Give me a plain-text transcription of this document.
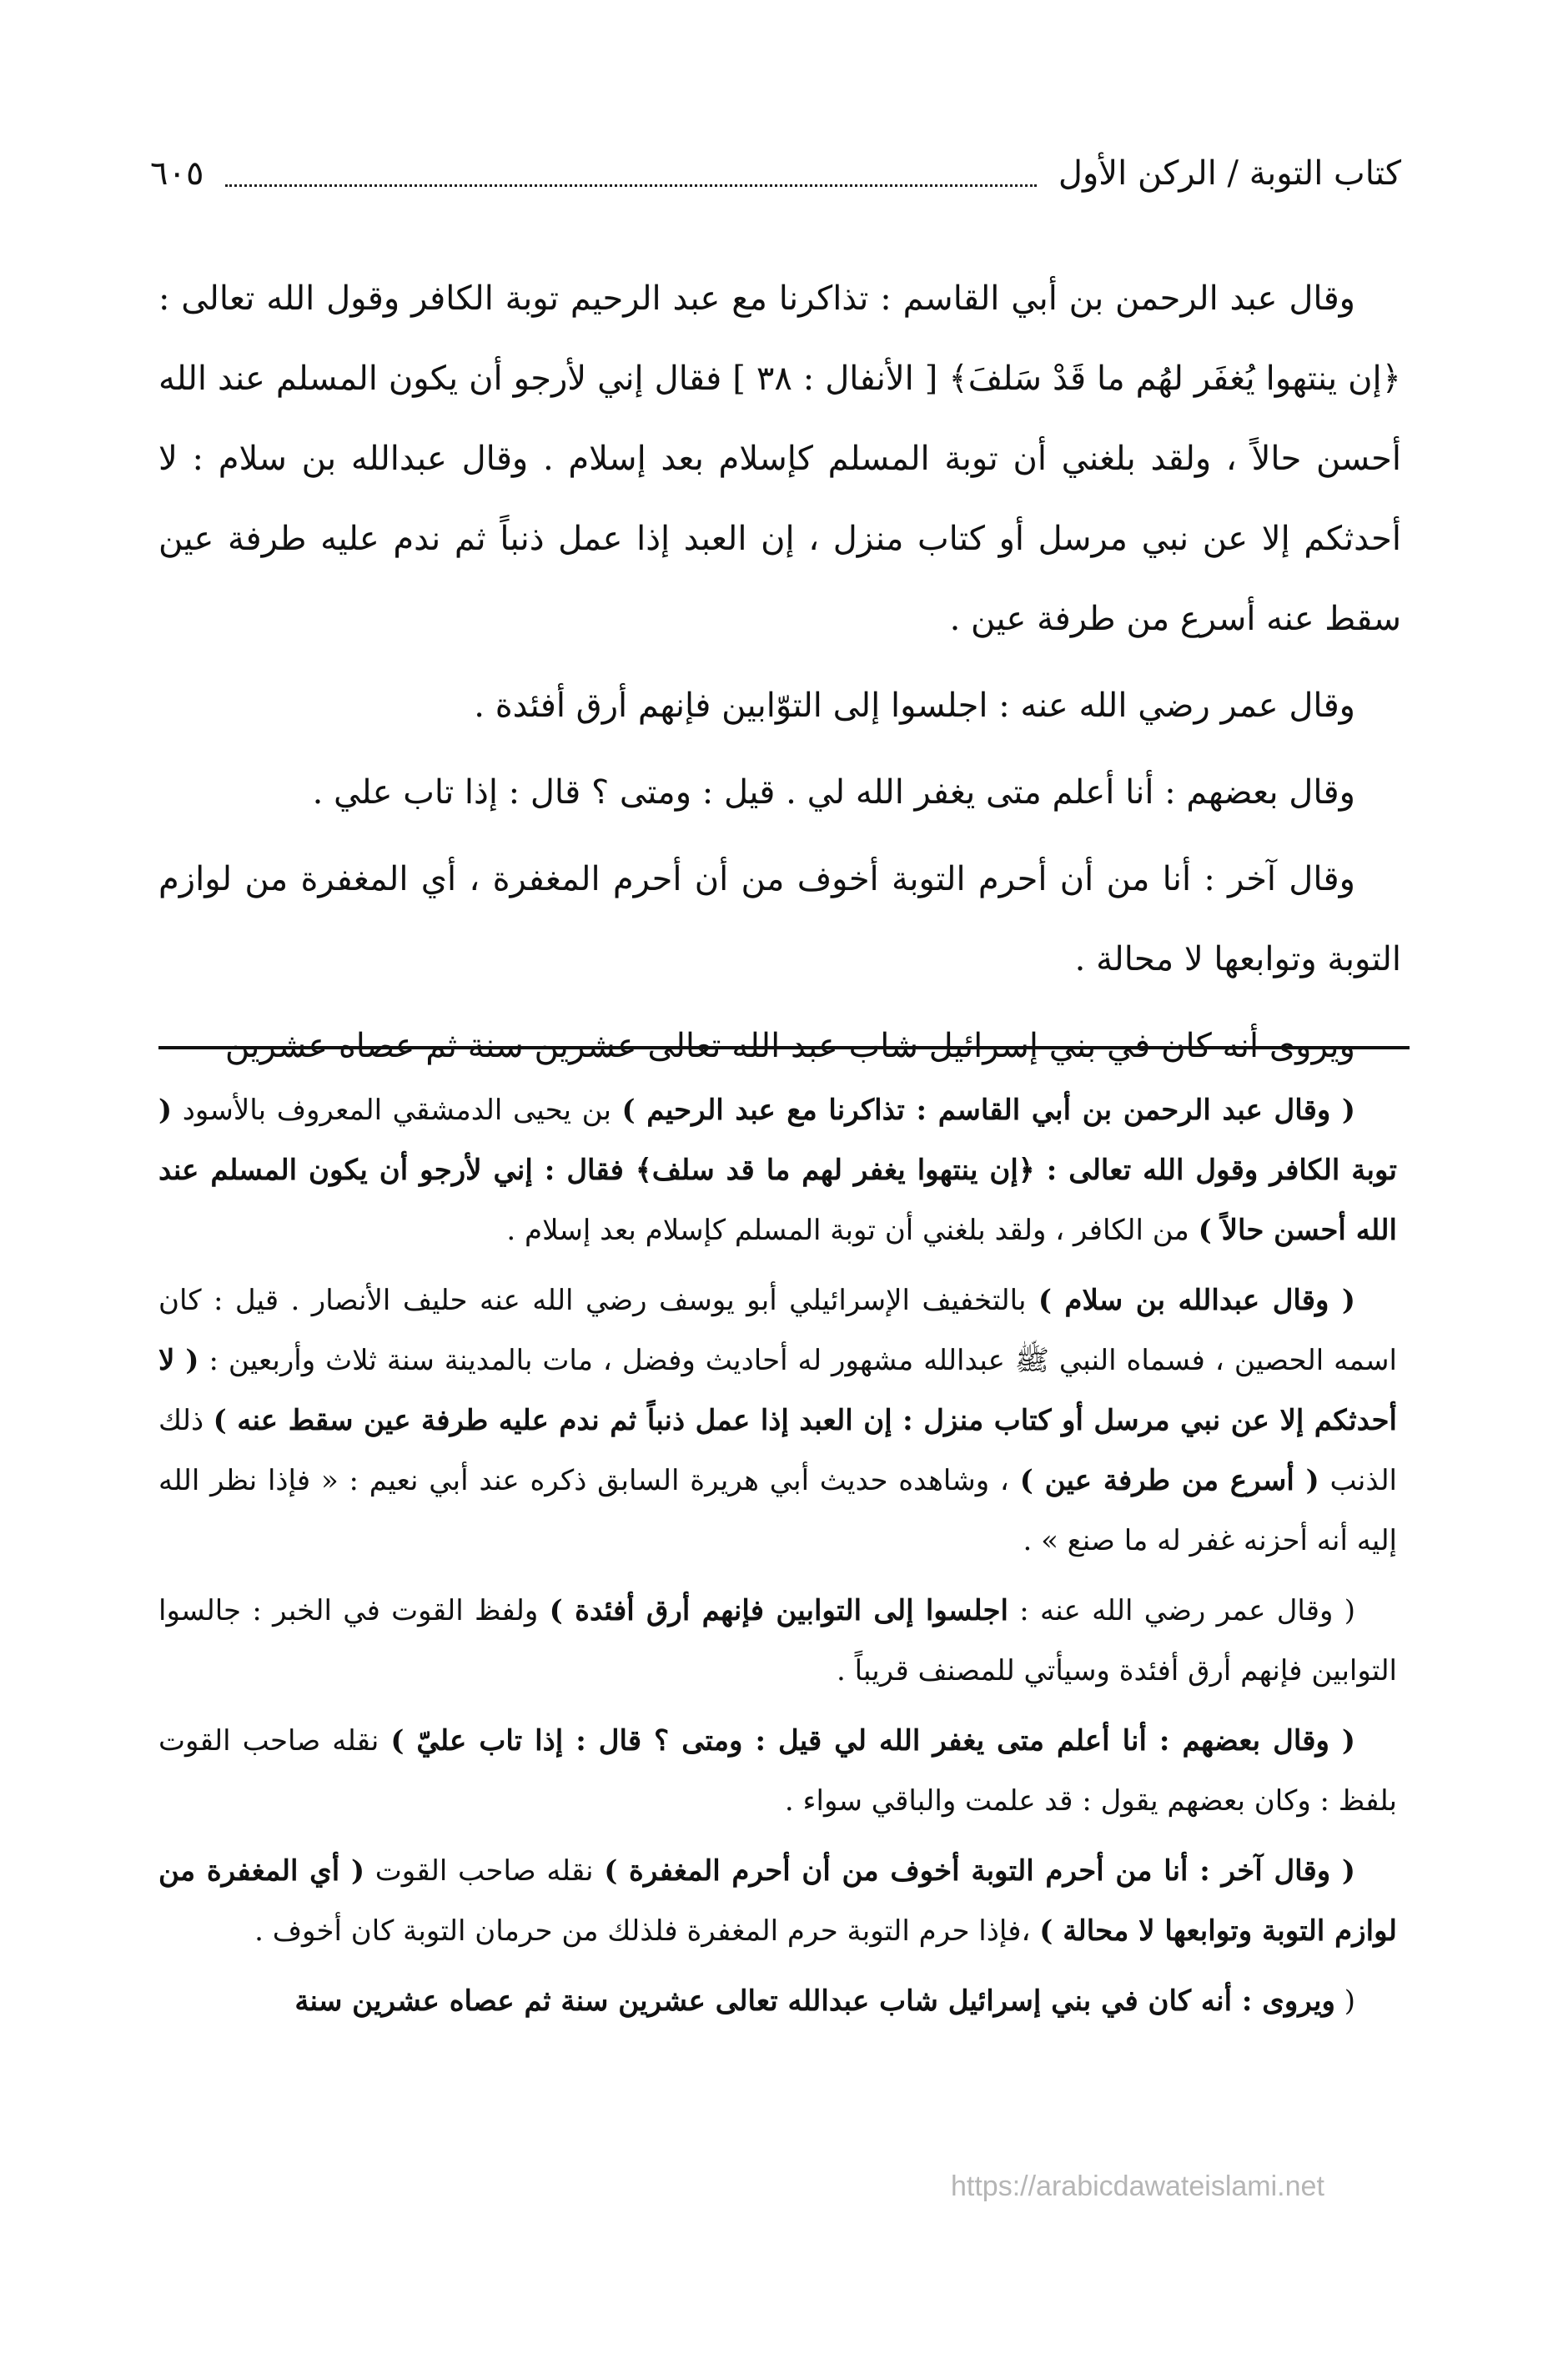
كتاب التوبة / الركن الأول
٦٠٥

وقال عبد الرحمن بن أبي القاسم : تذاكرنا مع عبد الرحيم توبة الكافر وقول الله تعالى : ﴿إن ينتهوا يُغفَر لهُم ما قَدْ سَلفَ﴾ [ الأنفال : ٣٨ ] فقال إني لأرجو أن يكون المسلم عند الله أحسن حالاً ، ولقد بلغني أن توبة المسلم كإسلام بعد إسلام . وقال عبدالله بن سلام : لا أحدثكم إلا عن نبي مرسل أو كتاب منزل ، إن العبد إذا عمل ذنباً ثم ندم عليه طرفة عين سقط عنه أسرع من طرفة عين .

وقال عمر رضي الله عنه : اجلسوا إلى التوّابين فإنهم أرق أفئدة .

وقال بعضهم : أنا أعلم متى يغفر الله لي . قيل : ومتى ؟ قال : إذا تاب علي .

وقال آخر : أنا من أن أحرم التوبة أخوف من أن أحرم المغفرة ، أي المغفرة من لوازم التوبة وتوابعها لا محالة .

ويروى أنه كان في بني إسرائيل شاب عبد الله تعالى عشرين سنة ثم عصاه عشرين

( وقال عبد الرحمن بن أبي القاسم : تذاكرنا مع عبد الرحيم ) بن يحيى الدمشقي المعروف بالأسود ( توبة الكافر وقول الله تعالى : ﴿إن ينتهوا يغفر لهم ما قد سلف﴾ فقال : إني لأرجو أن يكون المسلم عند الله أحسن حالاً ) من الكافر ، ولقد بلغني أن توبة المسلم كإسلام بعد إسلام .

( وقال عبدالله بن سلام ) بالتخفيف الإسرائيلي أبو يوسف رضي الله عنه حليف الأنصار . قيل : كان اسمه الحصين ، فسماه النبي ﷺ عبدالله مشهور له أحاديث وفضل ، مات بالمدينة سنة ثلاث وأربعين : ( لا أحدثكم إلا عن نبي مرسل أو كتاب منزل : إن العبد إذا عمل ذنباً ثم ندم عليه طرفة عين سقط عنه ) ذلك الذنب ( أسرع من طرفة عين ) ، وشاهده حديث أبي هريرة السابق ذكره عند أبي نعيم : « فإذا نظر الله إليه أنه أحزنه غفر له ما صنع » .

( وقال عمر رضي الله عنه : اجلسوا إلى التوابين فإنهم أرق أفئدة ) ولفظ القوت في الخبر : جالسوا التوابين فإنهم أرق أفئدة وسيأتي للمصنف قريباً .

( وقال بعضهم : أنا أعلم متى يغفر الله لي قيل : ومتى ؟ قال : إذا تاب عليّ ) نقله صاحب القوت بلفظ : وكان بعضهم يقول : قد علمت والباقي سواء .

( وقال آخر : أنا من أحرم التوبة أخوف من أن أحرم المغفرة ) نقله صاحب القوت ( أي المغفرة من لوازم التوبة وتوابعها لا محالة ) ،فإذا حرم التوبة حرم المغفرة فلذلك من حرمان التوبة كان أخوف .

( ويروى : أنه كان في بني إسرائيل شاب عبدالله تعالى عشرين سنة ثم عصاه عشرين سنة

https://arabicdawateislami.net
